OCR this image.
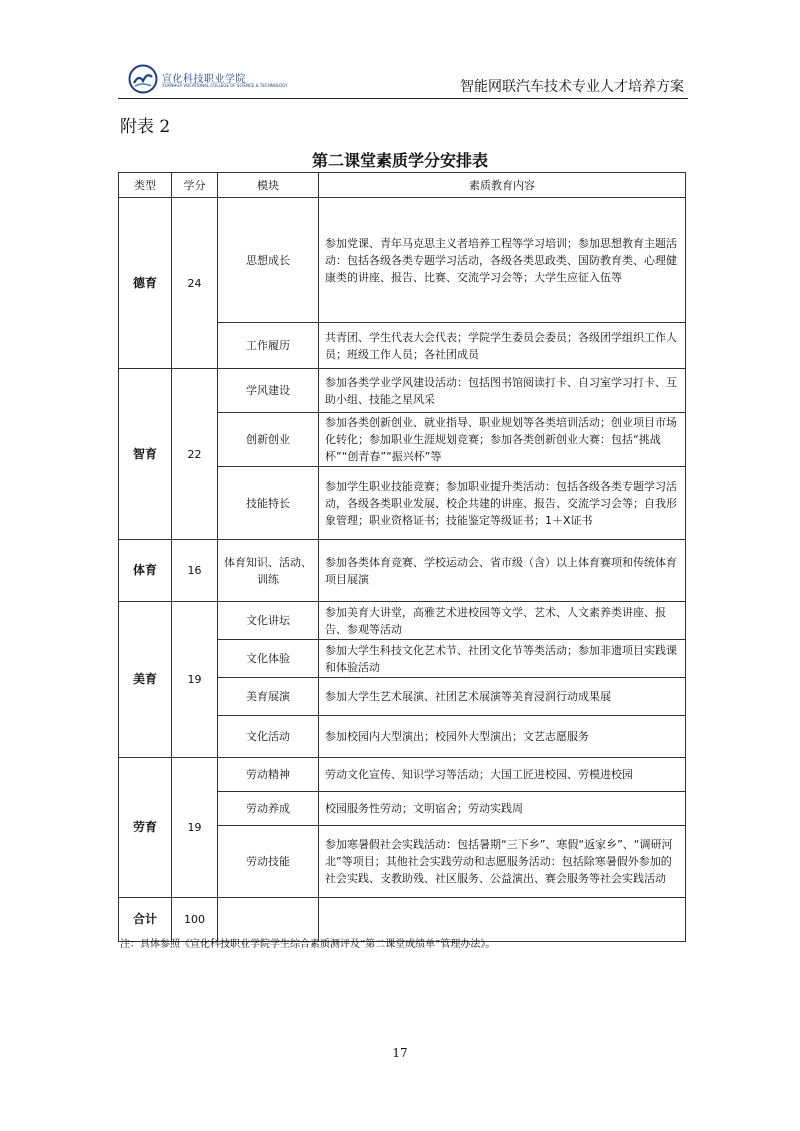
宣化科技职业学院
XUANHUA VOCATIONAL COLLEGE OF SCIENCE & TECHNOLOGY	智能网联汽车技术专业人才培养方案
附表 2
第二课堂素质学分安排表
类型	学分	模块	素质教育内容
德育	24	思想成长	参加党课、青年马克思主义者培养工程等学习培训；参加思想教育主题活动：包括各级各类专题学习活动，各级各类思政类、国防教育类、心理健康类的讲座、报告、比赛、交流学习会等；大学生应征入伍等
		工作履历	共青团、学生代表大会代表；学院学生委员会委员；各级团学组织工作人员；班级工作人员；各社团成员
智育	22	学风建设	参加各类学业学风建设活动：包括图书馆阅读打卡、自习室学习打卡、互助小组、技能之星风采
		创新创业	参加各类创新创业、就业指导、职业规划等各类培训活动；创业项目市场化转化；参加职业生涯规划竞赛；参加各类创新创业大赛：包括“挑战杯”“创青春”“振兴杯”等
		技能特长	参加学生职业技能竞赛；参加职业提升类活动：包括各级各类专题学习活动，各级各类职业发展、校企共建的讲座、报告、交流学习会等；自我形象管理；职业资格证书；技能鉴定等级证书；1＋X证书
体育	16	体育知识、活动、训练	参加各类体育竞赛、学校运动会、省市级（含）以上体育赛项和传统体育项目展演
美育	19	文化讲坛	参加美育大讲堂，高雅艺术进校园等文学、艺术、人文素养类讲座、报告、参观等活动
		文化体验	参加大学生科技文化艺术节、社团文化节等类活动；参加非遗项目实践课和体验活动
		美育展演	参加大学生艺术展演、社团艺术展演等美育浸润行动成果展
		文化活动	参加校园内大型演出；校园外大型演出；文艺志愿服务
劳育	19	劳动精神	劳动文化宣传、知识学习等活动；大国工匠进校园、劳模进校园
		劳动养成	校园服务性劳动；文明宿舍；劳动实践周
		劳动技能	参加寒暑假社会实践活动：包括暑期“三下乡”、寒假“返家乡”、“调研河北”等项目；其他社会实践劳动和志愿服务活动：包括除寒暑假外参加的社会实践、支教助残、社区服务、公益演出、赛会服务等社会实践活动
合计	100		
注：具体参照《宣化科技职业学院学生综合素质测评及“第二课堂成绩单”管理办法》。
17
